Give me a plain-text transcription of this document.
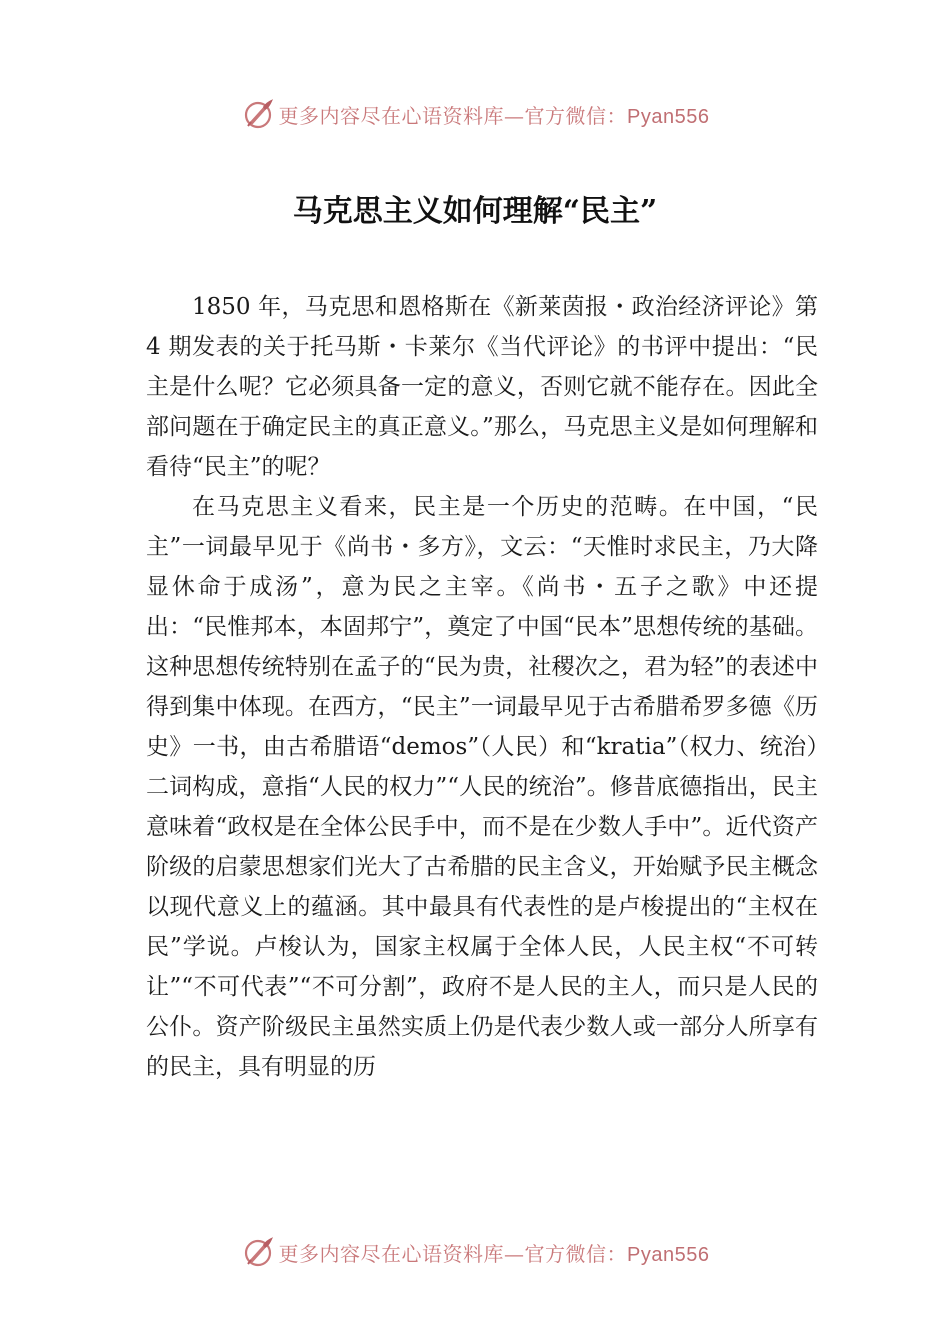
更多内容尽在心语资料库—官方微信：Pyan556
马克思主义如何理解“民主”

1850 年，马克思和恩格斯在《新莱茵报・政治经济评论》第 4 期发表的关于托马斯・卡莱尔《当代评论》的书评中提出：“民主是什么呢？它必须具备一定的意义，否则它就不能存在。因此全部问题在于确定民主的真正意义。”那么，马克思主义是如何理解和看待“民主”的呢？

在马克思主义看来，民主是一个历史的范畴。在中国，“民主”一词最早见于《尚书・多方》，文云：“天惟时求民主，乃大降显休命于成汤”，意为民之主宰。《尚书・五子之歌》中还提出：“民惟邦本，本固邦宁”，奠定了中国“民本”思想传统的基础。这种思想传统特别在孟子的“民为贵，社稷次之，君为轻”的表述中得到集中体现。在西方，“民主”一词最早见于古希腊希罗多德《历史》一书，由古希腊语“demos”（人民）和“kratia”（权力、统治）二词构成，意指“人民的权力”“人民的统治”。修昔底德指出，民主意味着“政权是在全体公民手中，而不是在少数人手中”。近代资产阶级的启蒙思想家们光大了古希腊的民主含义，开始赋予民主概念以现代意义上的蕴涵。其中最具有代表性的是卢梭提出的“主权在民”学说。卢梭认为，国家主权属于全体人民，人民主权“不可转让”“不可代表”“不可分割”，政府不是人民的主人，而只是人民的公仆。资产阶级民主虽然实质上仍是代表少数人或一部分人所享有的民主，具有明显的历

更多内容尽在心语资料库—官方微信：Pyan556
